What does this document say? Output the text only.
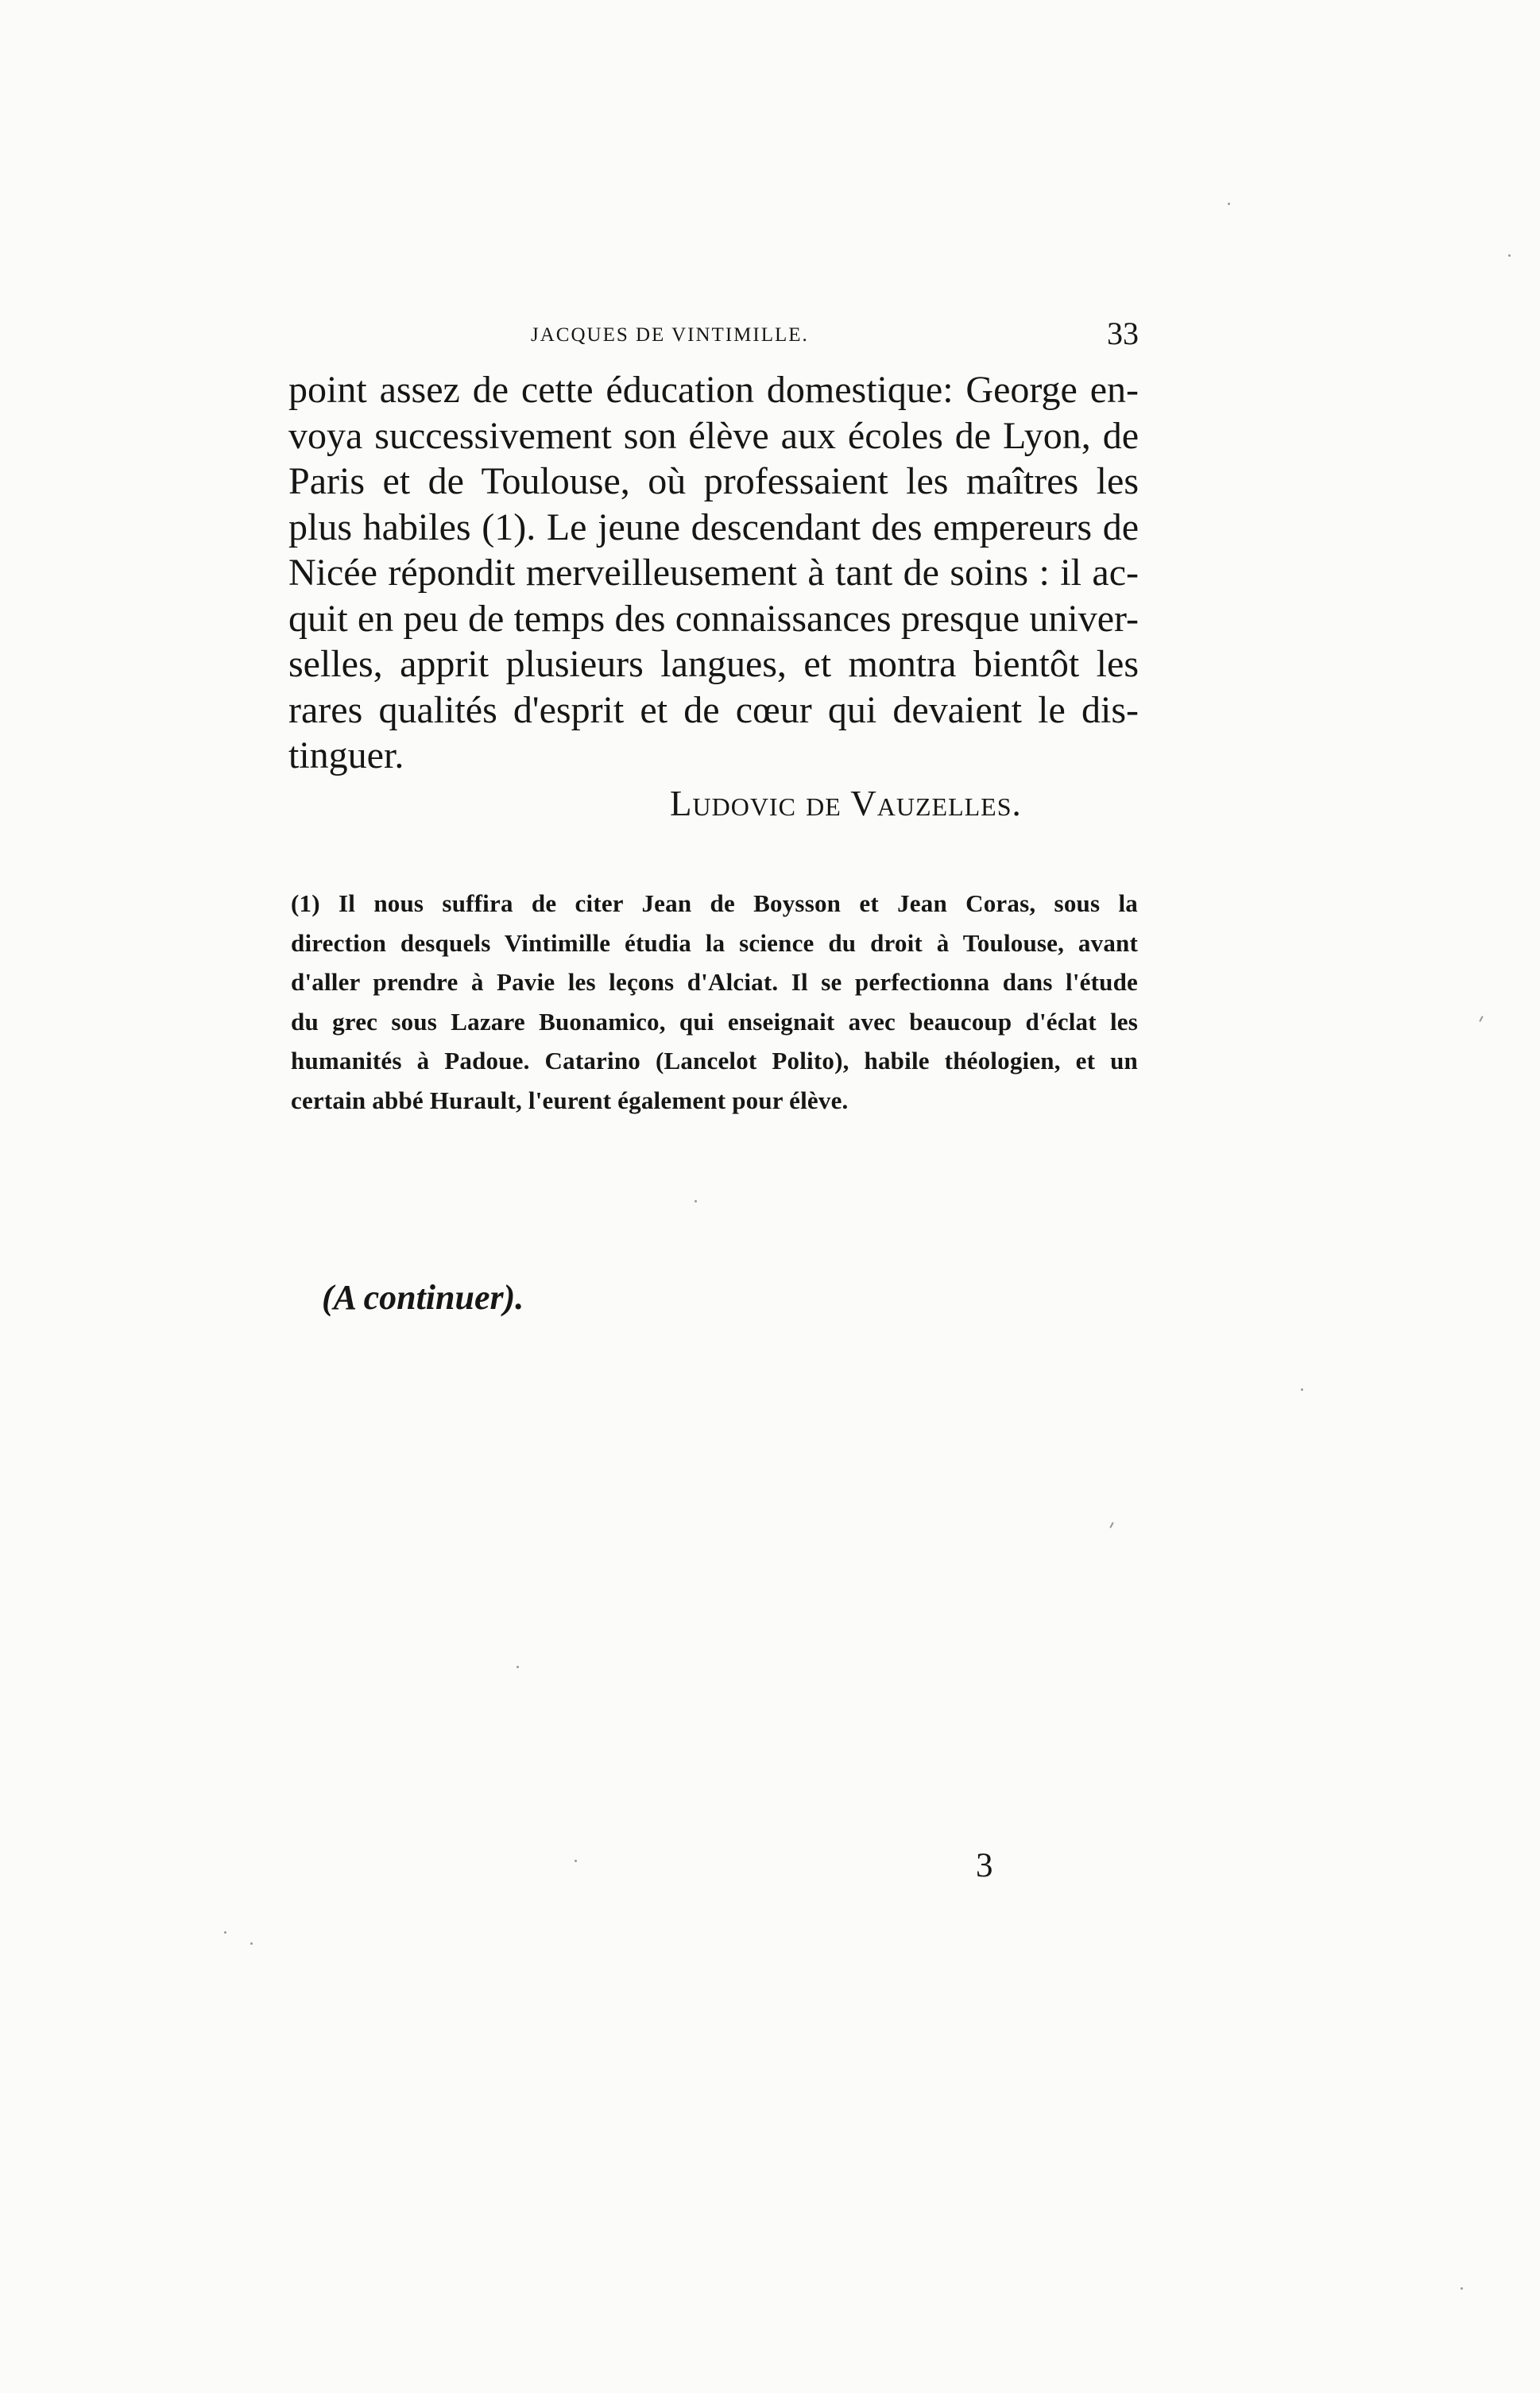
JACQUES DE VINTIMILLE.	33

point assez de cette éducation domestique: George en-
voya successivement son élève aux écoles de Lyon, de
Paris et de Toulouse, où professaient les maîtres les
plus habiles (1). Le jeune descendant des empereurs de
Nicée répondit merveilleusement à tant de soins : il ac-
quit en peu de temps des connaissances presque univer-
selles, apprit plusieurs langues, et montra bientôt les
rares qualités d'esprit et de cœur qui devaient le dis-
tinguer.

Ludovic de Vauzelles.

(1) Il nous suffira de citer Jean de Boysson et Jean Coras, sous la
direction desquels Vintimille étudia la science du droit à Toulouse, avant
d'aller prendre à Pavie les leçons d'Alciat. Il se perfectionna dans l'étude
du grec sous Lazare Buonamico, qui enseignait avec beaucoup d'éclat les
humanités à Padoue. Catarino (Lancelot Polito), habile théologien, et un
certain abbé Hurault, l'eurent également pour élève.

(A continuer).
3
